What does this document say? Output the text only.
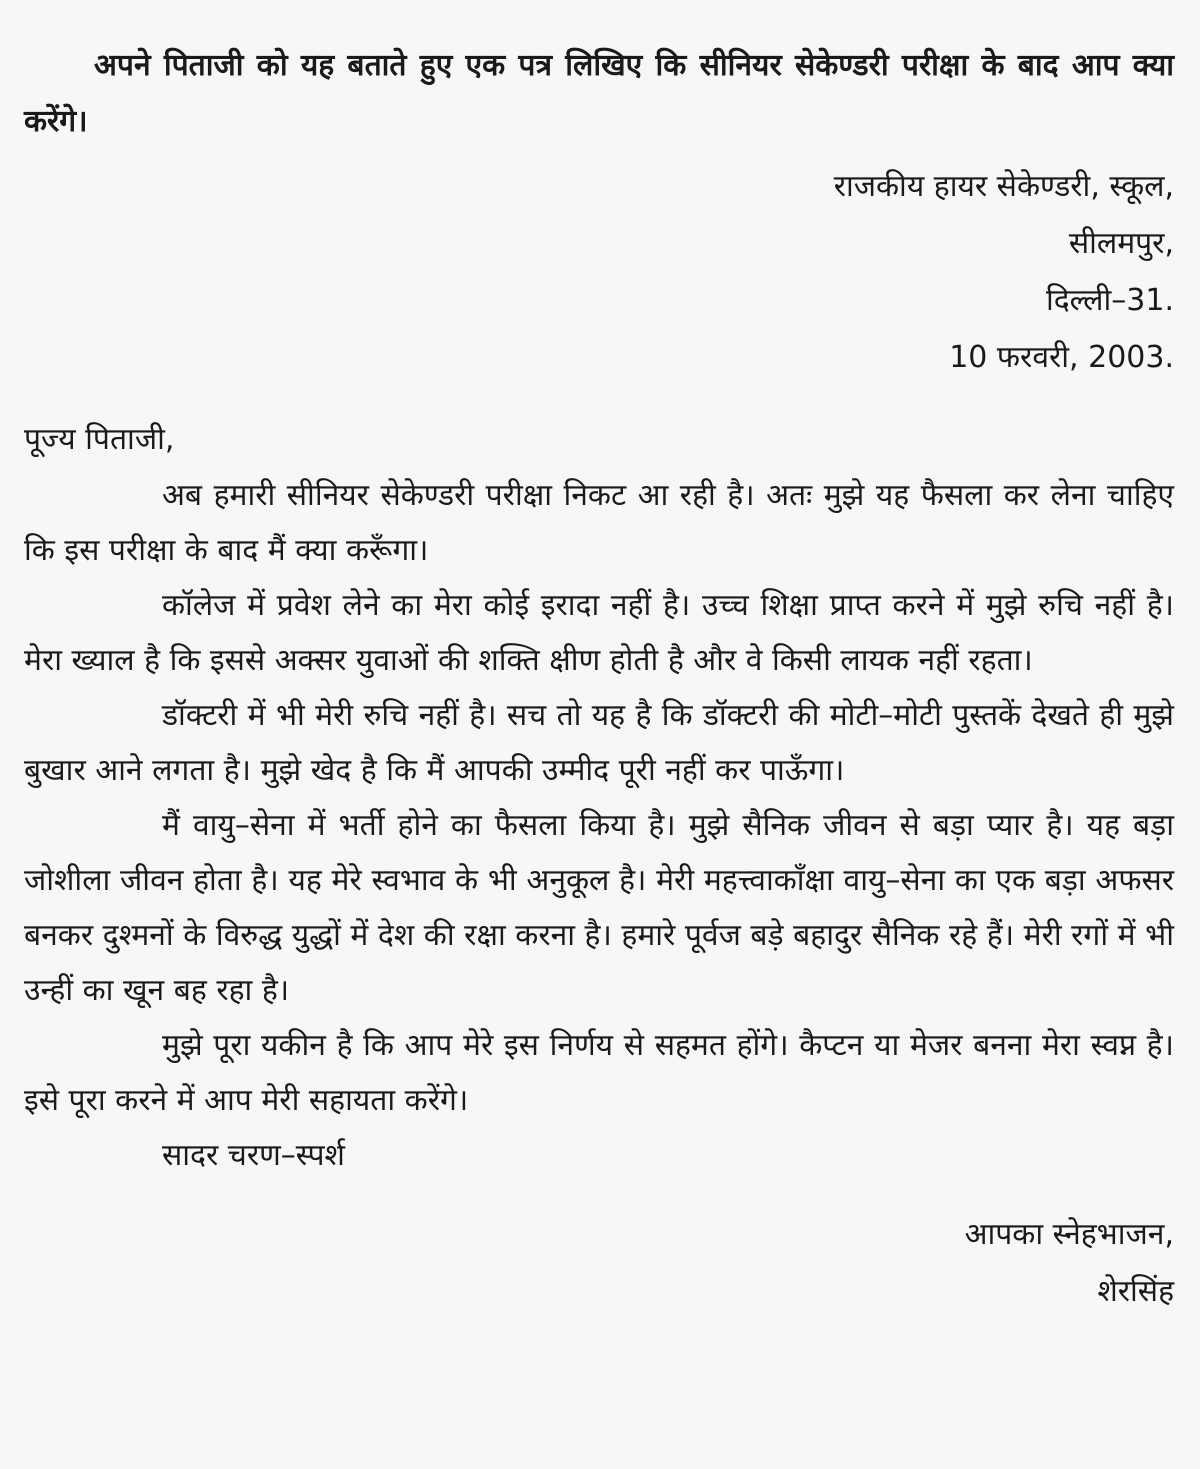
अपने पिताजी को यह बताते हुए एक पत्र लिखिए कि सीनियर सेकेण्डरी परीक्षा के बाद आप क्या करेंगे।

राजकीय हायर सेकेण्डरी, स्कूल,
सीलमपुर,
दिल्ली–31.
10 फरवरी, 2003.

पूज्य पिताजी,

अब हमारी सीनियर सेकेण्डरी परीक्षा निकट आ रही है। अतः मुझे यह फैसला कर लेना चाहिए कि इस परीक्षा के बाद मैं क्या करूँगा।

कॉलेज में प्रवेश लेने का मेरा कोई इरादा नहीं है। उच्च शिक्षा प्राप्त करने में मुझे रुचि नहीं है। मेरा ख्याल है कि इससे अक्सर युवाओं की शक्ति क्षीण होती है और वे किसी लायक नहीं रहता।

डॉक्टरी में भी मेरी रुचि नहीं है। सच तो यह है कि डॉक्टरी की मोटी–मोटी पुस्तकें देखते ही मुझे बुखार आने लगता है। मुझे खेद है कि मैं आपकी उम्मीद पूरी नहीं कर पाऊँगा।

मैं वायु–सेना में भर्ती होने का फैसला किया है। मुझे सैनिक जीवन से बड़ा प्यार है। यह बड़ा जोशीला जीवन होता है। यह मेरे स्वभाव के भी अनुकूल है। मेरी महत्त्वाकाँक्षा वायु–सेना का एक बड़ा अफसर बनकर दुश्मनों के विरुद्ध युद्धों में देश की रक्षा करना है। हमारे पूर्वज बड़े बहादुर सैनिक रहे हैं। मेरी रगों में भी उन्हीं का खून बह रहा है।

मुझे पूरा यकीन है कि आप मेरे इस निर्णय से सहमत होंगे। कैप्टन या मेजर बनना मेरा स्वप्न है। इसे पूरा करने में आप मेरी सहायता करेंगे।

सादर चरण–स्पर्श

आपका स्नेहभाजन,
शेरसिंह
